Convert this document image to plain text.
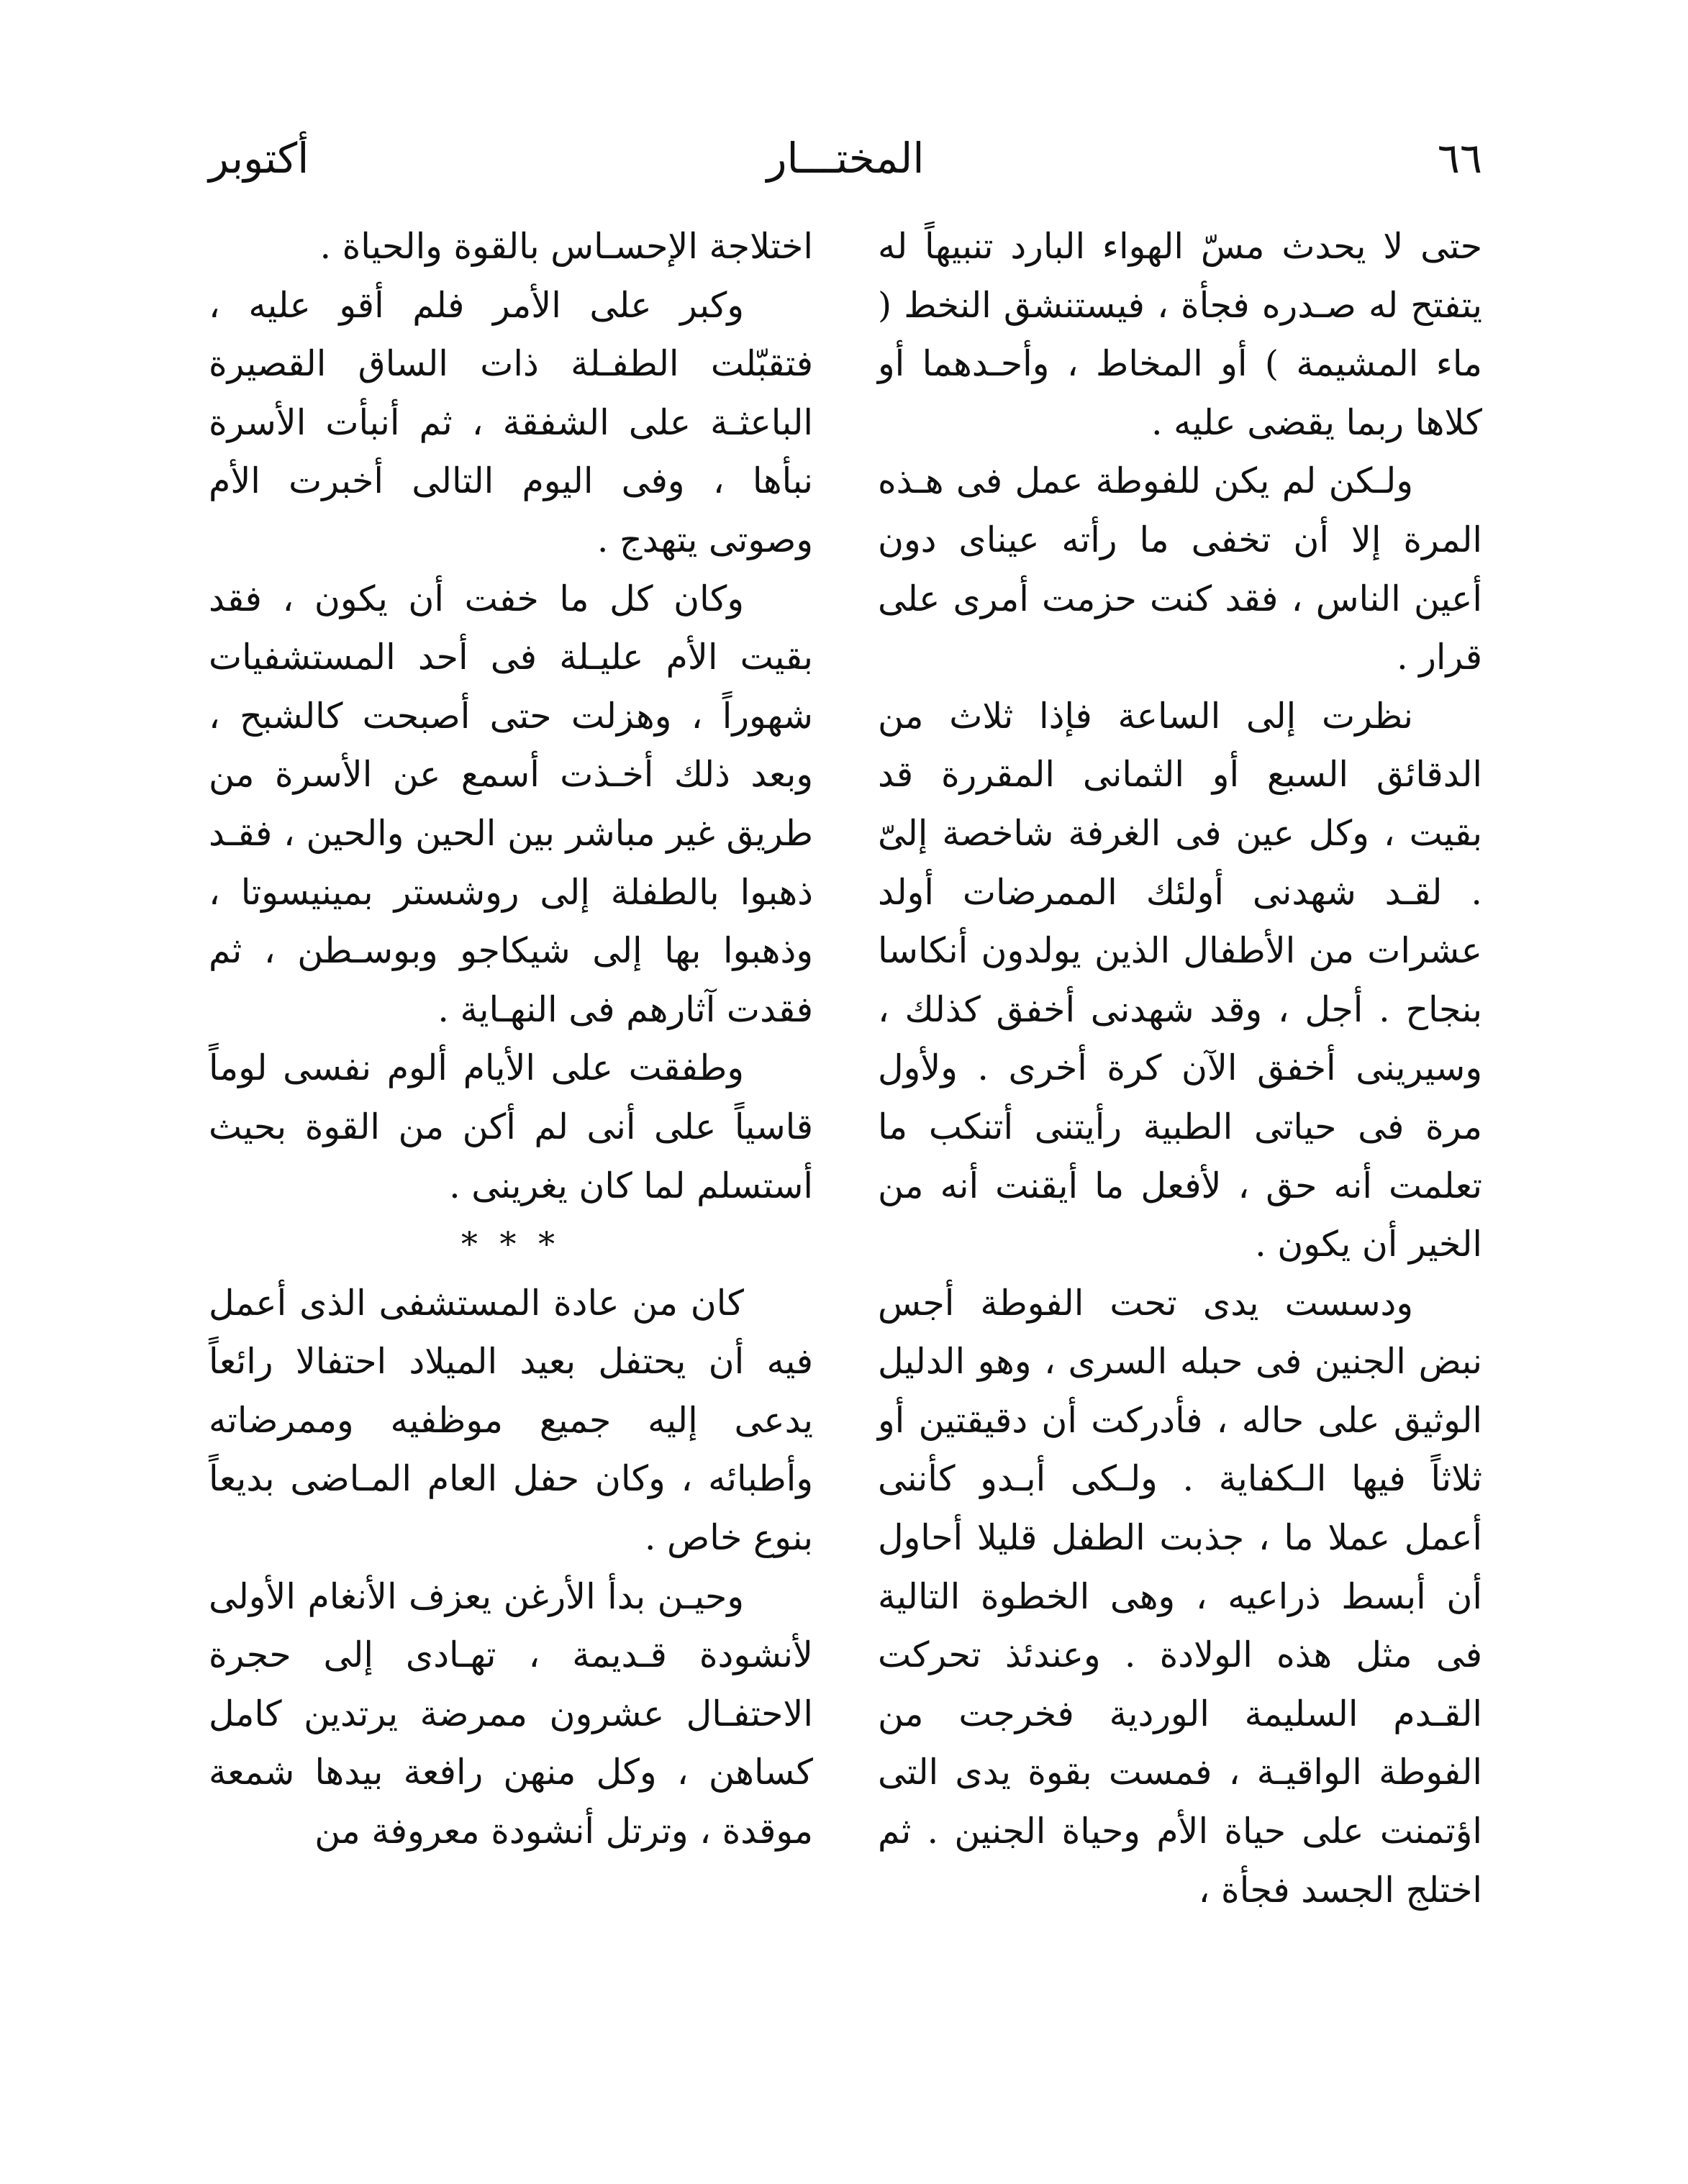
٦٦
المختـــار
أكتوبر

حتى لا يحدث مسّ الهواء البارد تنبيهاً له يتفتح له صـدره فجأة ، فيستنشق النخط ( ماء المشيمة ) أو المخاط ، وأحـدهما أو كلاها ربما يقضى عليه .

ولـكن لم يكن للفوطة عمل فى هـذه المرة إلا أن تخفى ما رأته عيناى دون أعين الناس ، فقد كنت حزمت أمرى على قرار .

نظرت إلى الساعة فإذا ثلاث من الدقائق السبع أو الثمانى المقررة قد بقيت ، وكل عين فى الغرفة شاخصة إلىّ . لقـد شهدنى أولئك الممرضات أولد عشرات من الأطفال الذين يولدون أنكاسا بنجاح . أجل ، وقد شهدنى أخفق كذلك ، وسيرينى أخفق الآن كرة أخرى . ولأول مرة فى حياتى الطبية رأيتنى أتنكب ما تعلمت أنه حق ، لأفعل ما أيقنت أنه من الخير أن يكون .

ودسست يدى تحت الفوطة أجس نبض الجنين فى حبله السرى ، وهو الدليل الوثيق على حاله ، فأدركت أن دقيقتين أو ثلاثاً فيها الـكفاية . ولـكى أبـدو كأننى أعمل عملا ما ، جذبت الطفل قليلا أحاول أن أبسط ذراعيه ، وهى الخطوة التالية فى مثل هذه الولادة . وعندئذ تحركت القـدم السليمة الوردية فخرجت من الفوطة الواقيـة ، فمست بقوة يدى التى اؤتمنت على حياة الأم وحياة الجنين . ثم اختلج الجسد فجأة ،

اختلاجة الإحسـاس بالقوة والحياة .

وكبر على الأمر فلم أقو عليه ، فتقبّلت الطفـلة ذات الساق القصيرة الباعثـة على الشفقة ، ثم أنبأت الأسرة نبأها ، وفى اليوم التالى أخبرت الأم وصوتى يتهدج .

وكان كل ما خفت أن يكون ، فقد بقيت الأم عليـلة فى أحد المستشفيات شهوراً ، وهزلت حتى أصبحت كالشبح ، وبعد ذلك أخـذت أسمع عن الأسرة من طريق غير مباشر بين الحين والحين ، فقـد ذهبوا بالطفلة إلى روشستر بمينيسوتا ، وذهبوا بها إلى شيكاجو وبوسـطن ، ثم فقدت آثارهم فى النهـاية .

وطفقت على الأيام ألوم نفسى لوماً قاسياً على أنى لم أكن من القوة بحيث أستسلم لما كان يغرينى .

* * *

كان من عادة المستشفى الذى أعمل فيه أن يحتفل بعيد الميلاد احتفالا رائعاً يدعى إليه جميع موظفيه وممرضاته وأطبائه ، وكان حفل العام المـاضى بديعاً بنوع خاص .

وحيـن بدأ الأرغن يعزف الأنغام الأولى لأنشودة قـديمة ، تهـادى إلى حجرة الاحتفـال عشرون ممرضة يرتدين كامل كساهن ، وكل منهن رافعة بيدها شمعة موقدة ، وترتل أنشودة معروفة من
